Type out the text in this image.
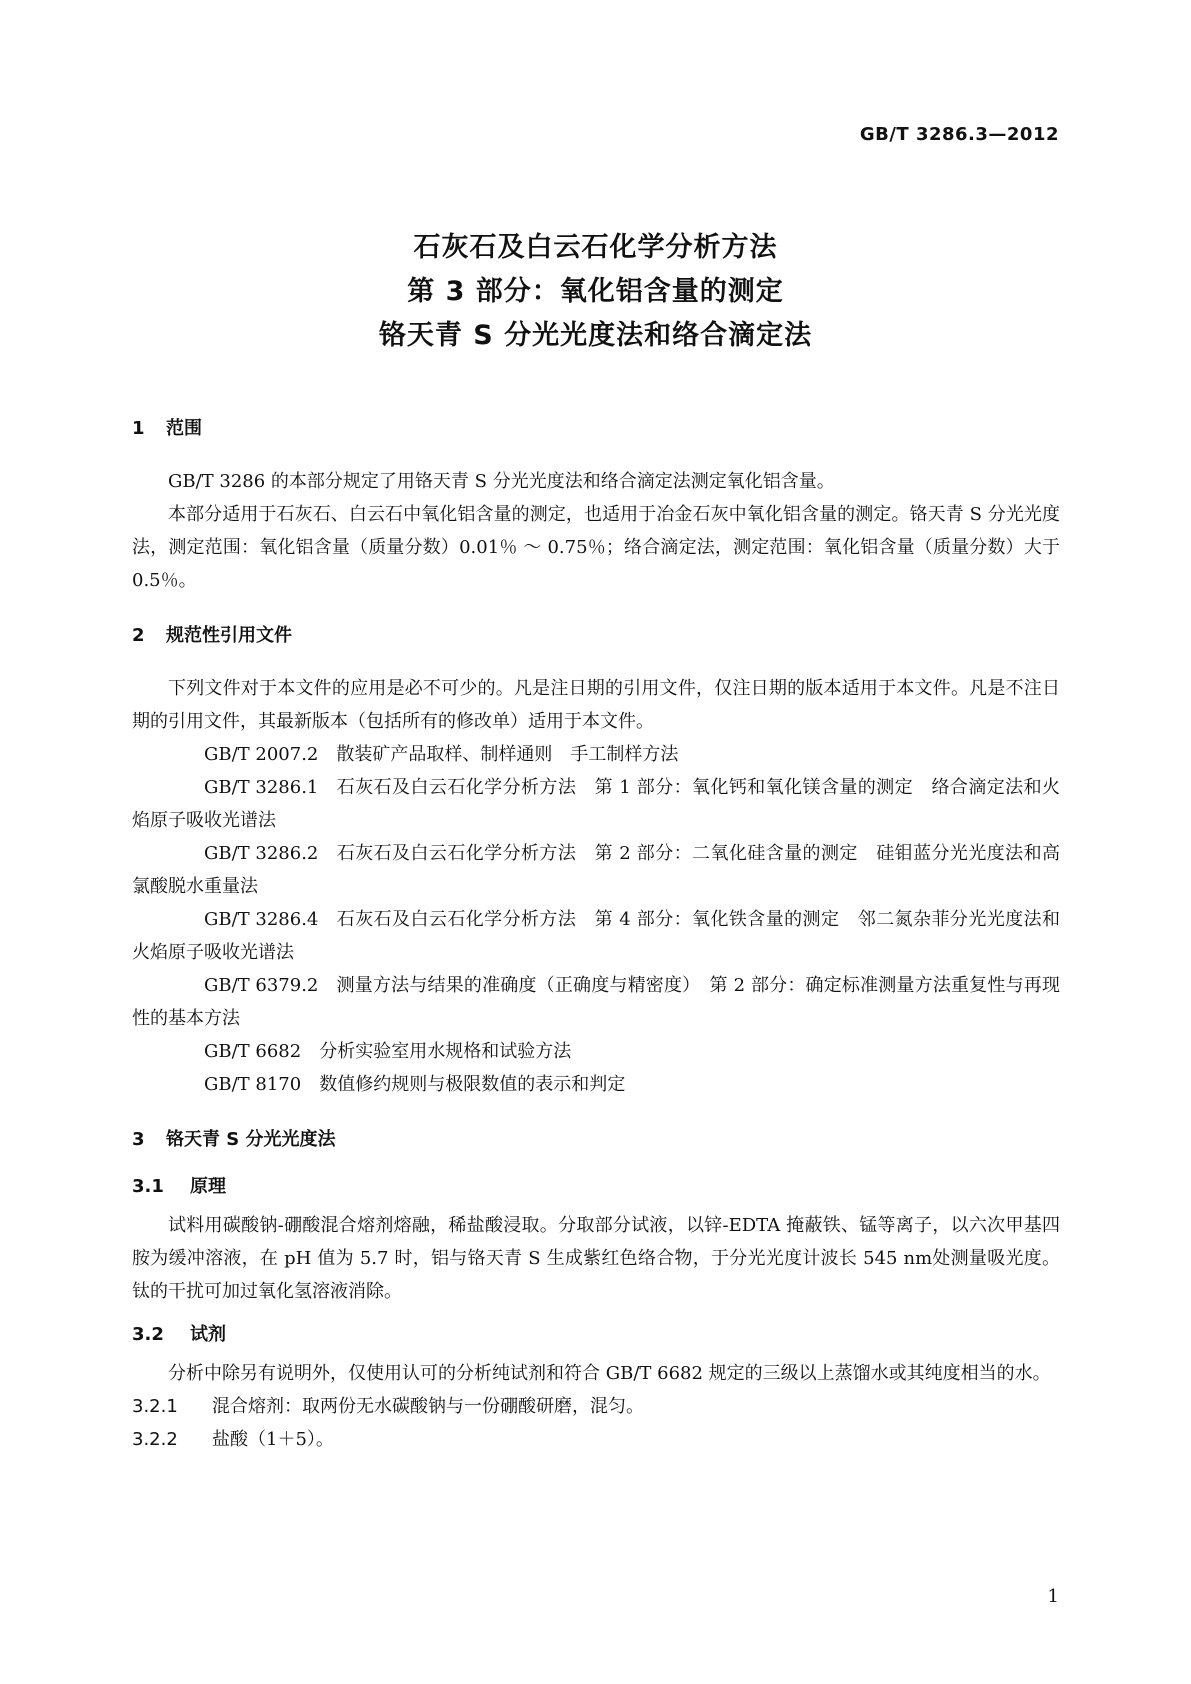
GB/T 3286.3—2012
石灰石及白云石化学分析方法
第 3 部分：氧化铝含量的测定
铬天青 S 分光光度法和络合滴定法
1 范围

GB/T 3286 的本部分规定了用铬天青 S 分光光度法和络合滴定法测定氧化铝含量。

本部分适用于石灰石、白云石中氧化铝含量的测定，也适用于冶金石灰中氧化铝含量的测定。铬天青 S 分光光度法，测定范围：氧化铝含量（质量分数）0.01％ ～ 0.75％；络合滴定法，测定范围：氧化铝含量（质量分数）大于 0.5％。

2 规范性引用文件

下列文件对于本文件的应用是必不可少的。凡是注日期的引用文件，仅注日期的版本适用于本文件。凡是不注日期的引用文件，其最新版本（包括所有的修改单）适用于本文件。

GB/T 2007.2 散装矿产品取样、制样通则　手工制样方法

GB/T 3286.1 石灰石及白云石化学分析方法　第 1 部分：氧化钙和氧化镁含量的测定　络合滴定法和火焰原子吸收光谱法

GB/T 3286.2 石灰石及白云石化学分析方法　第 2 部分：二氧化硅含量的测定　硅钼蓝分光光度法和高氯酸脱水重量法

GB/T 3286.4 石灰石及白云石化学分析方法　第 4 部分：氧化铁含量的测定　邻二氮杂菲分光光度法和火焰原子吸收光谱法

GB/T 6379.2 测量方法与结果的准确度（正确度与精密度）　第 2 部分：确定标准测量方法重复性与再现性的基本方法

GB/T 6682 分析实验室用水规格和试验方法

GB/T 8170 数值修约规则与极限数值的表示和判定

3 铬天青 S 分光光度法
3.1 原理

试料用碳酸钠-硼酸混合熔剂熔融，稀盐酸浸取。分取部分试液，以锌-EDTA 掩蔽铁、锰等离子，以六次甲基四胺为缓冲溶液，在 pH 值为 5.7 时，铝与铬天青 S 生成紫红色络合物，于分光光度计波长 545 nm处测量吸光度。钛的干扰可加过氧化氢溶液消除。

3.2 试剂

分析中除另有说明外，仅使用认可的分析纯试剂和符合 GB/T 6682 规定的三级以上蒸馏水或其纯度相当的水。

3.2.1 混合熔剂：取两份无水碳酸钠与一份硼酸研磨，混匀。

3.2.2 盐酸（1＋5）。

1
